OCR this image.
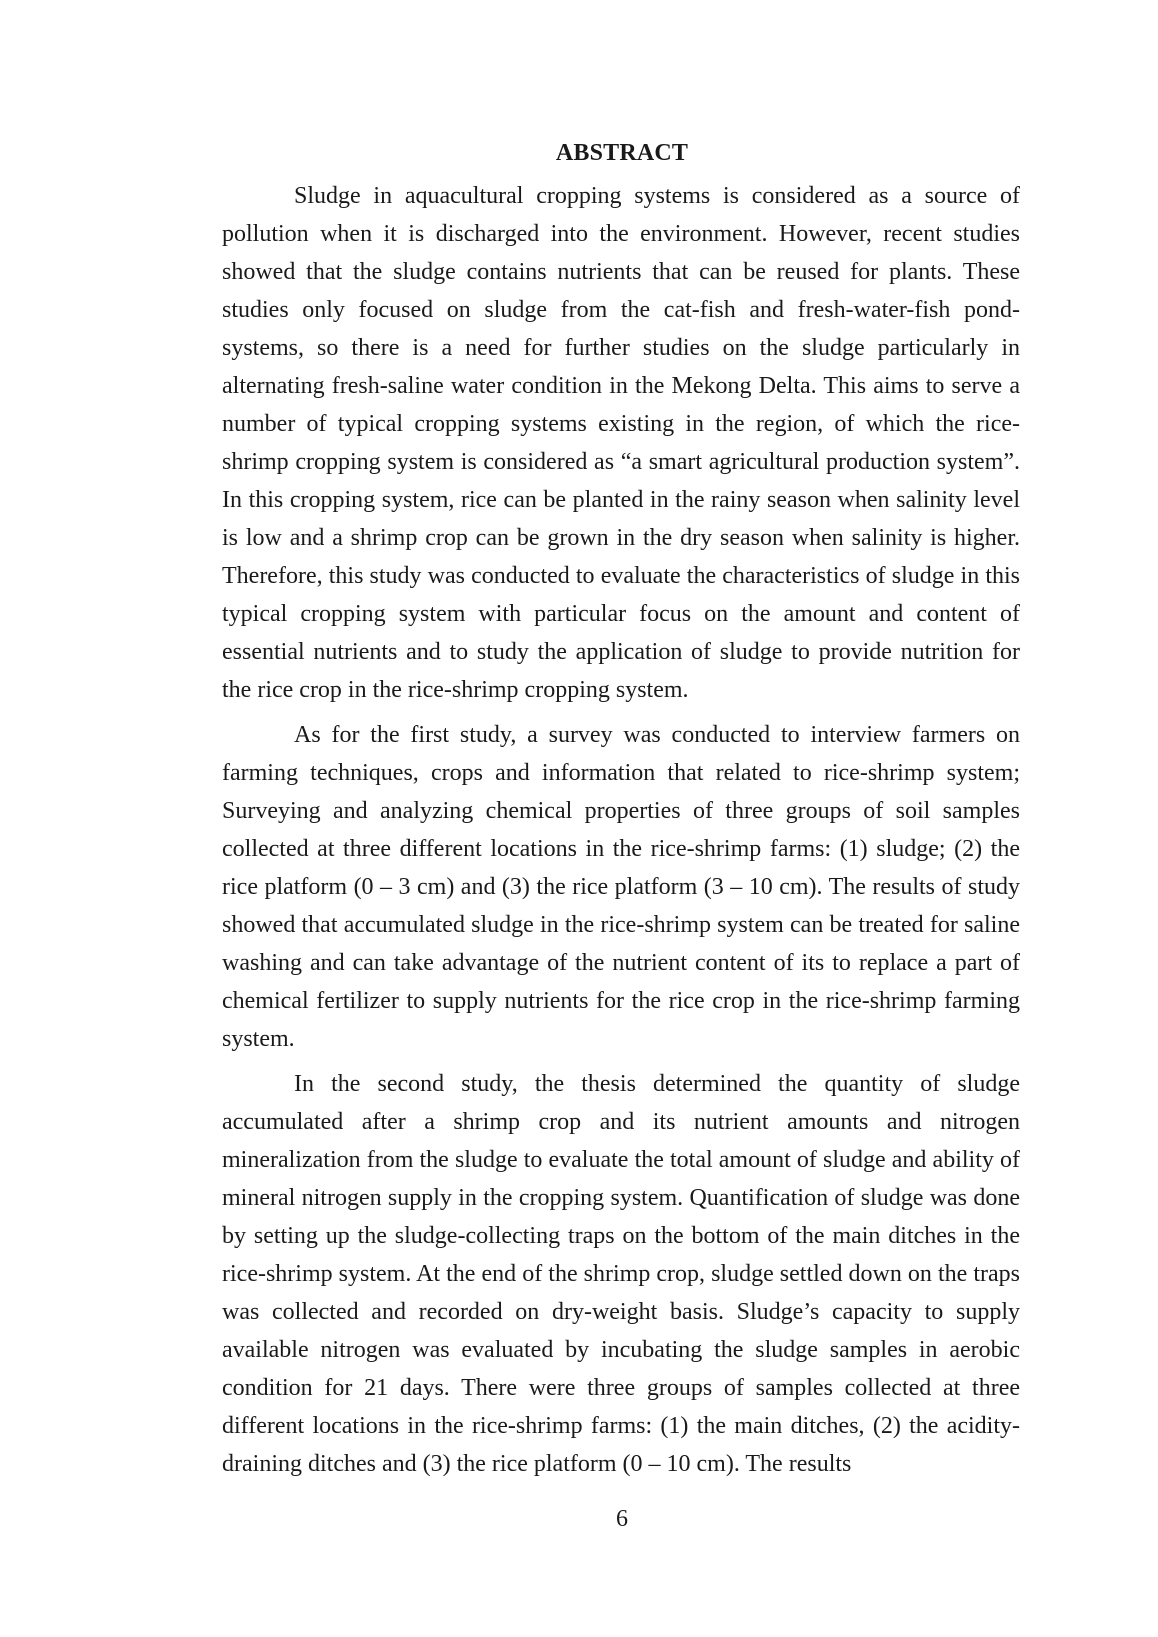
ABSTRACT

Sludge in aquacultural cropping systems is considered as a source of pollution when it is discharged into the environment. However, recent studies showed that the sludge contains nutrients that can be reused for plants. These studies only focused on sludge from the cat-fish and fresh-water-fish pond-systems, so there is a need for further studies on the sludge particularly in alternating fresh-saline water condition in the Mekong Delta. This aims to serve a number of typical cropping systems existing in the region, of which the rice-shrimp cropping system is considered as “a smart agricultural production system”. In this cropping system, rice can be planted in the rainy season when salinity level is low and a shrimp crop can be grown in the dry season when salinity is higher. Therefore, this study was conducted to evaluate the characteristics of sludge in this typical cropping system with particular focus on the amount and content of essential nutrients and to study the application of sludge to provide nutrition for the rice crop in the rice-shrimp cropping system.

As for the first study, a survey was conducted to interview farmers on farming techniques, crops and information that related to rice-shrimp system; Surveying and analyzing chemical properties of three groups of soil samples collected at three different locations in the rice-shrimp farms: (1) sludge; (2) the rice platform (0 – 3 cm) and (3) the rice platform (3 – 10 cm). The results of study showed that accumulated sludge in the rice-shrimp system can be treated for saline washing and can take advantage of the nutrient content of its to replace a part of chemical fertilizer to supply nutrients for the rice crop in the rice-shrimp farming system.

In the second study, the thesis determined the quantity of sludge accumulated after a shrimp crop and its nutrient amounts and nitrogen mineralization from the sludge to evaluate the total amount of sludge and ability of mineral nitrogen supply in the cropping system. Quantification of sludge was done by setting up the sludge-collecting traps on the bottom of the main ditches in the rice-shrimp system. At the end of the shrimp crop, sludge settled down on the traps was collected and recorded on dry-weight basis. Sludge’s capacity to supply available nitrogen was evaluated by incubating the sludge samples in aerobic condition for 21 days. There were three groups of samples collected at three different locations in the rice-shrimp farms: (1) the main ditches, (2) the acidity-draining ditches and (3) the rice platform (0 – 10 cm). The results

6
